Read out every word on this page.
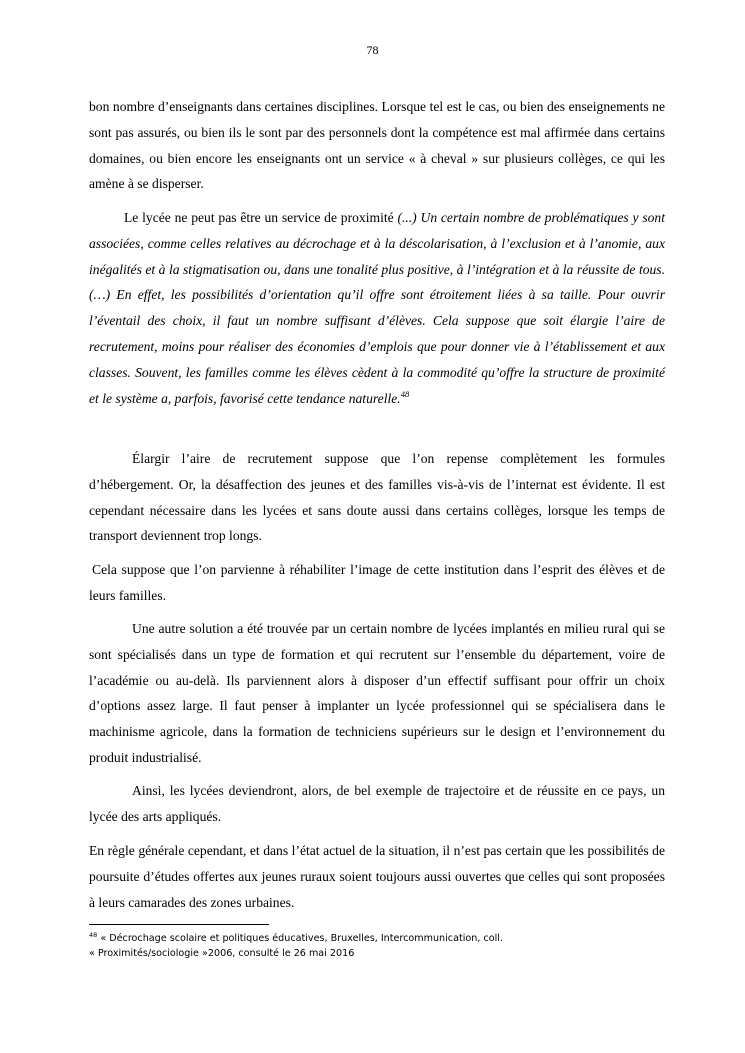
78

bon nombre d’enseignants dans certaines disciplines. Lorsque tel est le cas, ou bien des enseignements ne sont pas assurés, ou bien ils le sont par des personnels dont la compétence est mal affirmée dans certains domaines, ou bien encore les enseignants ont un service « à cheval » sur plusieurs collèges, ce qui les amène à se disperser.

Le lycée ne peut pas être un service de proximité (...) Un certain nombre de problématiques y sont associées, comme celles relatives au décrochage et à la déscolarisation, à l’exclusion et à l’anomie, aux inégalités et à la stigmatisation ou, dans une tonalité plus positive, à l’intégration et à la réussite de tous. (…) En effet, les possibilités d’orientation qu’il offre sont étroitement liées à sa taille. Pour ouvrir l’éventail des choix, il faut un nombre suffisant d’élèves. Cela suppose que soit élargie l’aire de recrutement, moins pour réaliser des économies d’emplois que pour donner vie à l’établissement et aux classes. Souvent, les familles comme les élèves cèdent à la commodité qu’offre la structure de proximité et le système a, parfois, favorisé cette tendance naturelle.$^{48}$

Élargir l’aire de recrutement suppose que l’on repense complètement les formules d’hébergement. Or, la désaffection des jeunes et des familles vis-à-vis de l’internat est évidente. Il est cependant nécessaire dans les lycées et sans doute aussi dans certains collèges, lorsque les temps de transport deviennent trop longs.

Cela suppose que l’on parvienne à réhabiliter l’image de cette institution dans l’esprit des élèves et de leurs familles.

Une autre solution a été trouvée par un certain nombre de lycées implantés en milieu rural qui se sont spécialisés dans un type de formation et qui recrutent sur l’ensemble du département, voire de l’académie ou au-delà. Ils parviennent alors à disposer d’un effectif suffisant pour offrir un choix d’options assez large. Il faut penser à implanter un lycée professionnel qui se spécialisera dans le machinisme agricole, dans la formation de techniciens supérieurs sur le design et l’environnement du produit industrialisé.

Ainsi, les lycées deviendront, alors, de bel exemple de trajectoire et de réussite en ce pays, un lycée des arts appliqués.

En règle générale cependant, et dans l’état actuel de la situation, il n’est pas certain que les possibilités de poursuite d’études offertes aux jeunes ruraux soient toujours aussi ouvertes que celles qui sont proposées à leurs camarades des zones urbaines.

$^{48}$ « Décrochage scolaire et politiques éducatives, Bruxelles, Intercommunication, coll.
« Proximités/sociologie »2006, consulté le 26 mai 2016
